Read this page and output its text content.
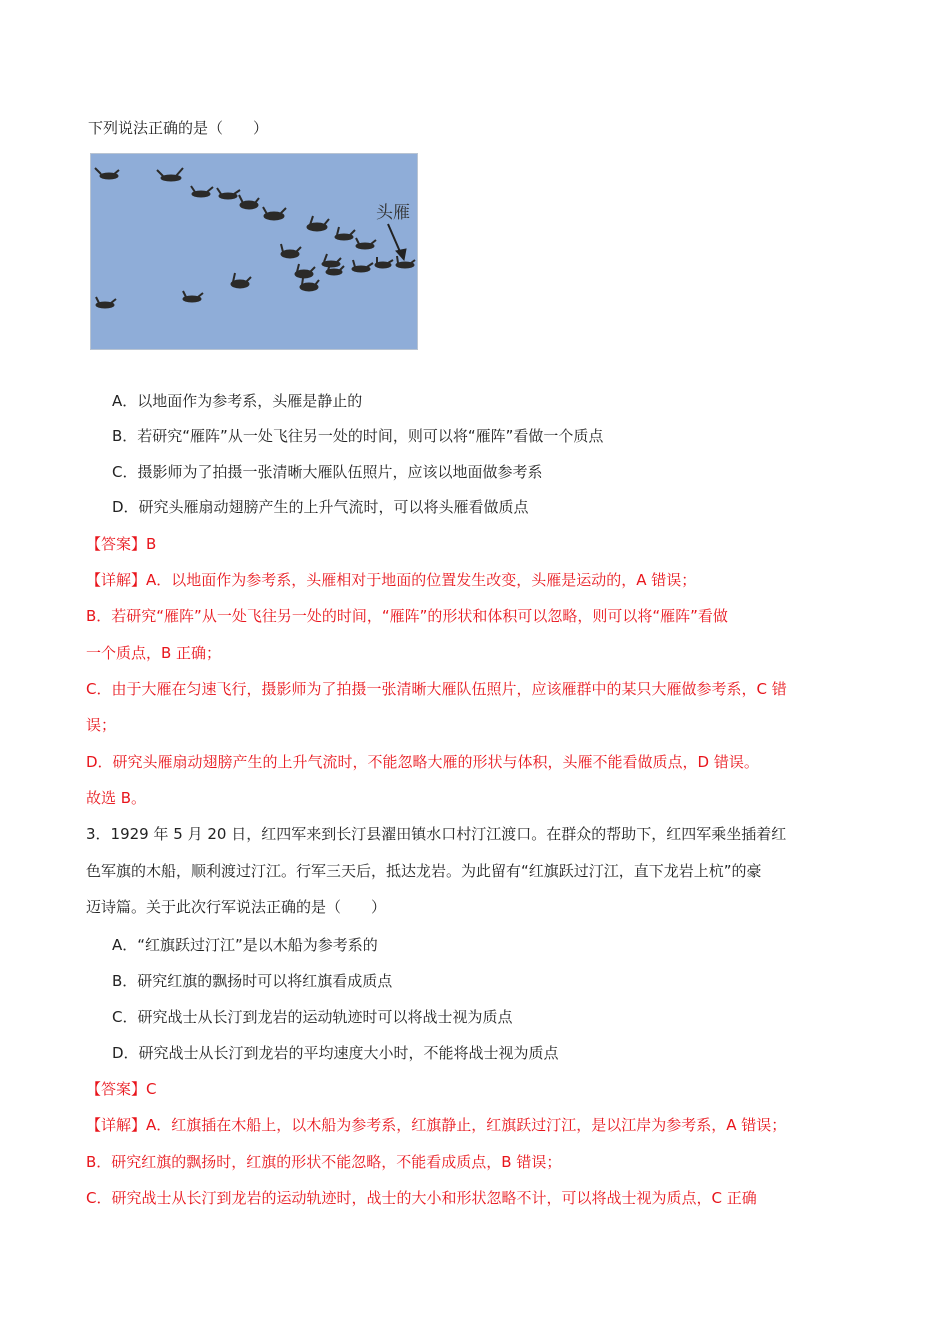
下列说法正确的是（　　）
头雁
A．以地面作为参考系，头雁是静止的
B．若研究“雁阵”从一处飞往另一处的时间，则可以将“雁阵”看做一个质点
C．摄影师为了拍摄一张清晰大雁队伍照片，应该以地面做参考系
D．研究头雁扇动翅膀产生的上升气流时，可以将头雁看做质点
【答案】B
【详解】A．以地面作为参考系，头雁相对于地面的位置发生改变，头雁是运动的，A 错误；
B．若研究“雁阵”从一处飞往另一处的时间，“雁阵”的形状和体积可以忽略，则可以将“雁阵”看做
一个质点，B 正确；
C．由于大雁在匀速飞行，摄影师为了拍摄一张清晰大雁队伍照片，应该雁群中的某只大雁做参考系，C 错
误；
D．研究头雁扇动翅膀产生的上升气流时，不能忽略大雁的形状与体积，头雁不能看做质点，D 错误。
故选 B。
3．1929 年 5 月 20 日，红四军来到长汀县濯田镇水口村汀江渡口。在群众的帮助下，红四军乘坐插着红
色军旗的木船，顺利渡过汀江。行军三天后，抵达龙岩。为此留有“红旗跃过汀江，直下龙岩上杭”的豪
迈诗篇。关于此次行军说法正确的是（　　）
A．“红旗跃过汀江”是以木船为参考系的
B．研究红旗的飘扬时可以将红旗看成质点
C．研究战士从长汀到龙岩的运动轨迹时可以将战士视为质点
D．研究战士从长汀到龙岩的平均速度大小时，不能将战士视为质点
【答案】C
【详解】A．红旗插在木船上，以木船为参考系，红旗静止，红旗跃过汀江，是以江岸为参考系，A 错误；
B．研究红旗的飘扬时，红旗的形状不能忽略，不能看成质点，B 错误；
C．研究战士从长汀到龙岩的运动轨迹时，战士的大小和形状忽略不计，可以将战士视为质点，C 正确
